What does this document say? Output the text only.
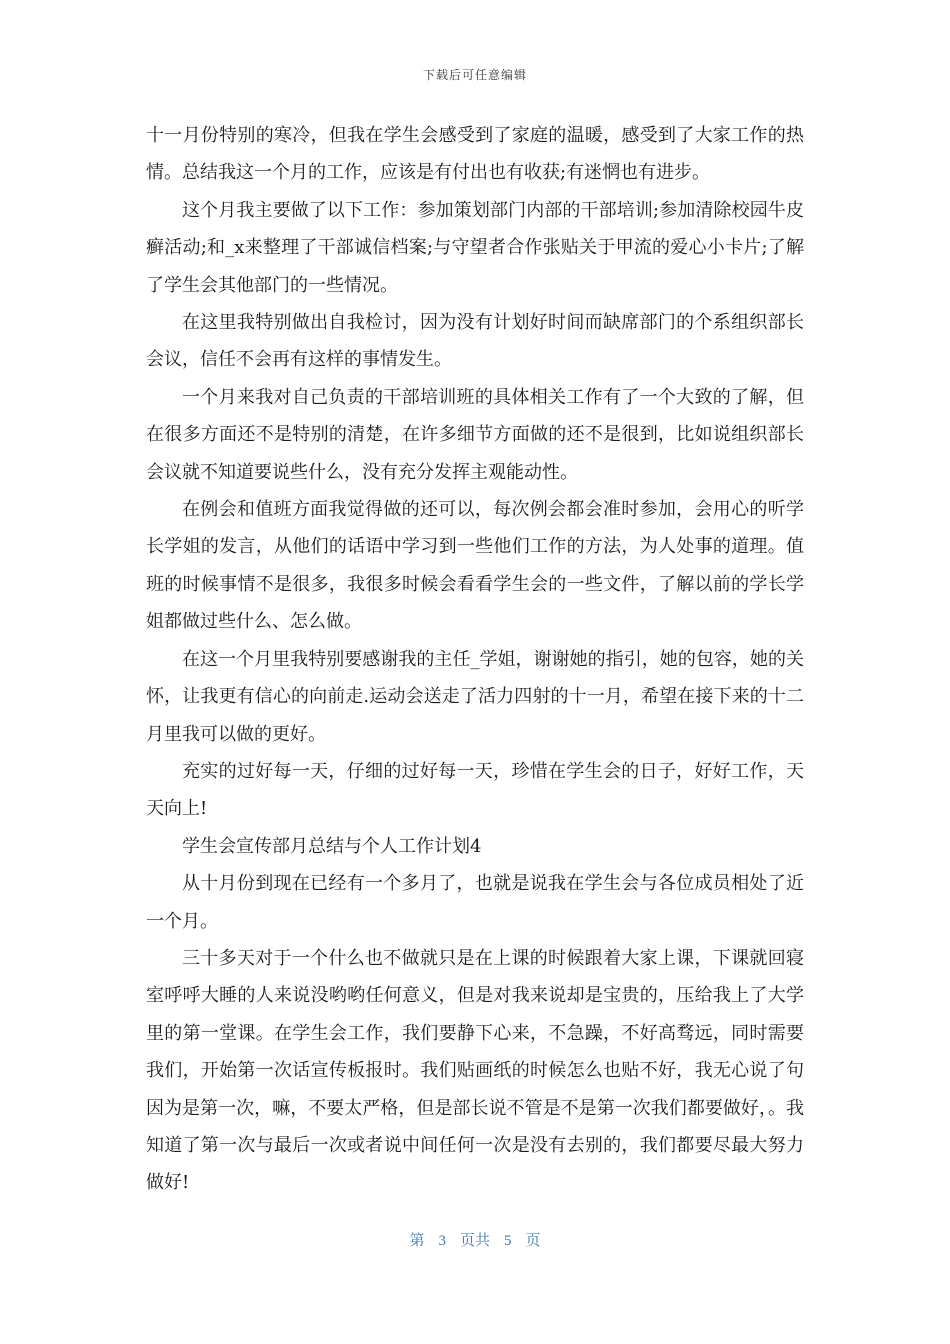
下载后可任意编辑

十一月份特别的寒冷，但我在学生会感受到了家庭的温暖，感受到了大家工作的热情。总结我这一个月的工作，应该是有付出也有收获;有迷惘也有进步。

这个月我主要做了以下工作：参加策划部门内部的干部培训;参加清除校园牛皮癣活动;和_x来整理了干部诚信档案;与守望者合作张贴关于甲流的爱心小卡片;了解了学生会其他部门的一些情况。

在这里我特别做出自我检讨，因为没有计划好时间而缺席部门的个系组织部长会议，信任不会再有这样的事情发生。

一个月来我对自己负责的干部培训班的具体相关工作有了一个大致的了解，但在很多方面还不是特别的清楚，在许多细节方面做的还不是很到，比如说组织部长会议就不知道要说些什么，没有充分发挥主观能动性。

在例会和值班方面我觉得做的还可以，每次例会都会准时参加，会用心的听学长学姐的发言，从他们的话语中学习到一些他们工作的方法，为人处事的道理。值班的时候事情不是很多，我很多时候会看看学生会的一些文件，了解以前的学长学姐都做过些什么、怎么做。

在这一个月里我特别要感谢我的主任_学姐，谢谢她的指引，她的包容，她的关怀，让我更有信心的向前走.运动会送走了活力四射的十一月，希望在接下来的十二月里我可以做的更好。

充实的过好每一天，仔细的过好每一天，珍惜在学生会的日子，好好工作，天天向上!

学生会宣传部月总结与个人工作计划4

从十月份到现在已经有一个多月了，也就是说我在学生会与各位成员相处了近一个月。

三十多天对于一个什么也不做就只是在上课的时候跟着大家上课，下课就回寝室呼呼大睡的人来说没哟哟任何意义，但是对我来说却是宝贵的，压给我上了大学里的第一堂课。在学生会工作，我们要静下心来，不急躁，不好高骛远，同时需要我们，开始第一次话宣传板报时。我们贴画纸的时候怎么也贴不好，我无心说了句因为是第一次，嘛，不要太严格，但是部长说不管是不是第一次我们都要做好，。我知道了第一次与最后一次或者说中间任何一次是没有去别的，我们都要尽最大努力做好!

第 3 页共 5 页
